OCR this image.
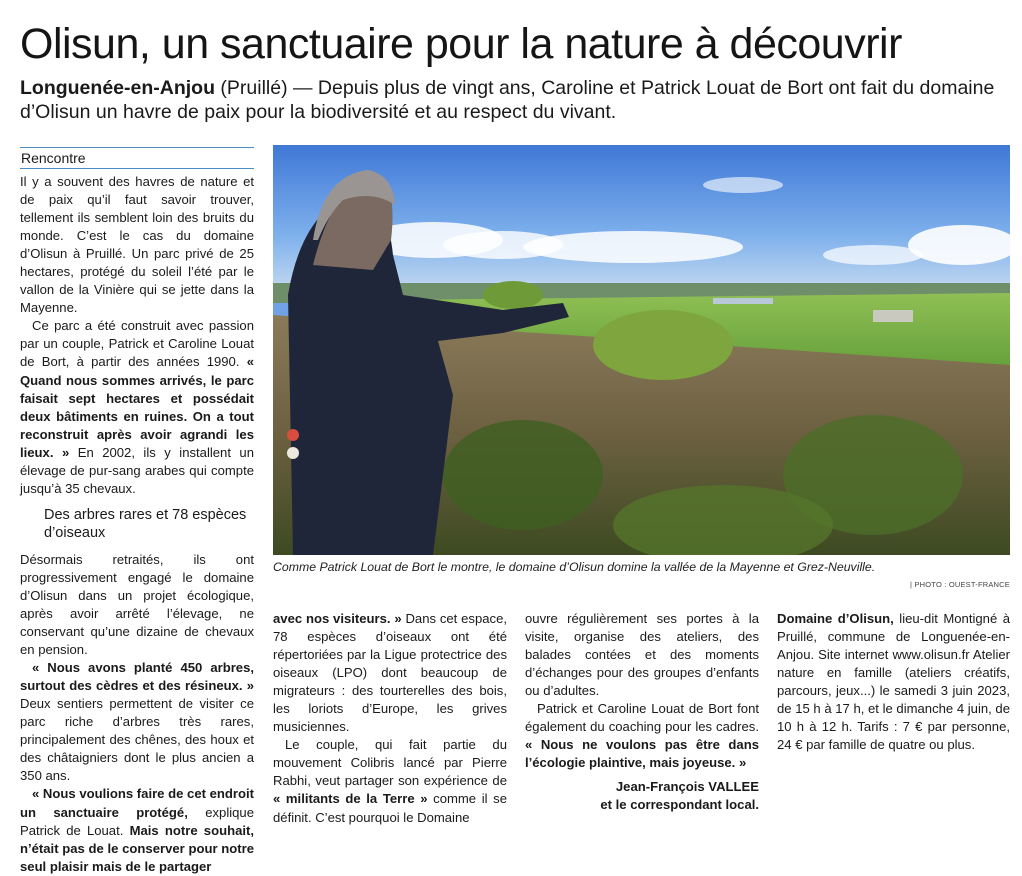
Olisun, un sanctuaire pour la nature à découvrir

Longuenée-en-Anjou (Pruillé) — Depuis plus de vingt ans, Caroline et Patrick Louat de Bort ont fait du domaine d’Olisun un havre de paix pour la biodiversité et au respect du vivant.

Rencontre

Il y a souvent des havres de nature et de paix qu’il faut savoir trouver, tellement ils semblent loin des bruits du monde. C’est le cas du domaine d’Olisun à Pruillé. Un parc privé de 25 hectares, protégé du soleil l’été par le vallon de la Vinière qui se jette dans la Mayenne.

Ce parc a été construit avec passion par un couple, Patrick et Caroline Louat de Bort, à partir des années 1990. « Quand nous sommes arrivés, le parc faisait sept hectares et possédait deux bâtiments en ruines. On a tout reconstruit après avoir agrandi les lieux. » En 2002, ils y installent un élevage de pur-sang arabes qui compte jusqu’à 35 chevaux.

Des arbres rares et 78 espèces d’oiseaux

Désormais retraités, ils ont progressivement engagé le domaine d’Olisun dans un projet écologique, après avoir arrêté l’élevage, ne conservant qu’une dizaine de chevaux en pension.

« Nous avons planté 450 arbres, surtout des cèdres et des résineux. » Deux sentiers permettent de visiter ce parc riche d’arbres très rares, principalement des chênes, des houx et des châtaigniers dont le plus ancien a 350 ans.

« Nous voulions faire de cet endroit un sanctuaire protégé, explique Patrick de Louat. Mais notre souhait, n’était pas de le conserver pour notre seul plaisir mais de le partager

Comme Patrick Louat de Bort le montre, le domaine d’Olisun domine la vallée de la Mayenne et Grez-Neuville.
| PHOTO : OUEST-FRANCE

avec nos visiteurs. » Dans cet espace, 78 espèces d’oiseaux ont été répertoriées par la Ligue protectrice des oiseaux (LPO) dont beaucoup de migrateurs : des tourterelles des bois, les loriots d’Europe, les grives musiciennes.

Le couple, qui fait partie du mouvement Colibris lancé par Pierre Rabhi, veut partager son expérience de « militants de la Terre » comme il se définit. C’est pourquoi le Domaine

ouvre régulièrement ses portes à la visite, organise des ateliers, des balades contées et des moments d’échanges pour des groupes d’enfants ou d’adultes.

Patrick et Caroline Louat de Bort font également du coaching pour les cadres. « Nous ne voulons pas être dans l’écologie plaintive, mais joyeuse. »

Jean-François VALLEE
et le correspondant local.

Domaine d’Olisun, lieu-dit Montigné à Pruillé, commune de Longuenée-en-Anjou. Site internet www.olisun.fr Atelier nature en famille (ateliers créatifs, parcours, jeux...) le samedi 3 juin 2023, de 15 h à 17 h, et le dimanche 4 juin, de 10 h à 12 h. Tarifs : 7 € par personne, 24 € par famille de quatre ou plus.
